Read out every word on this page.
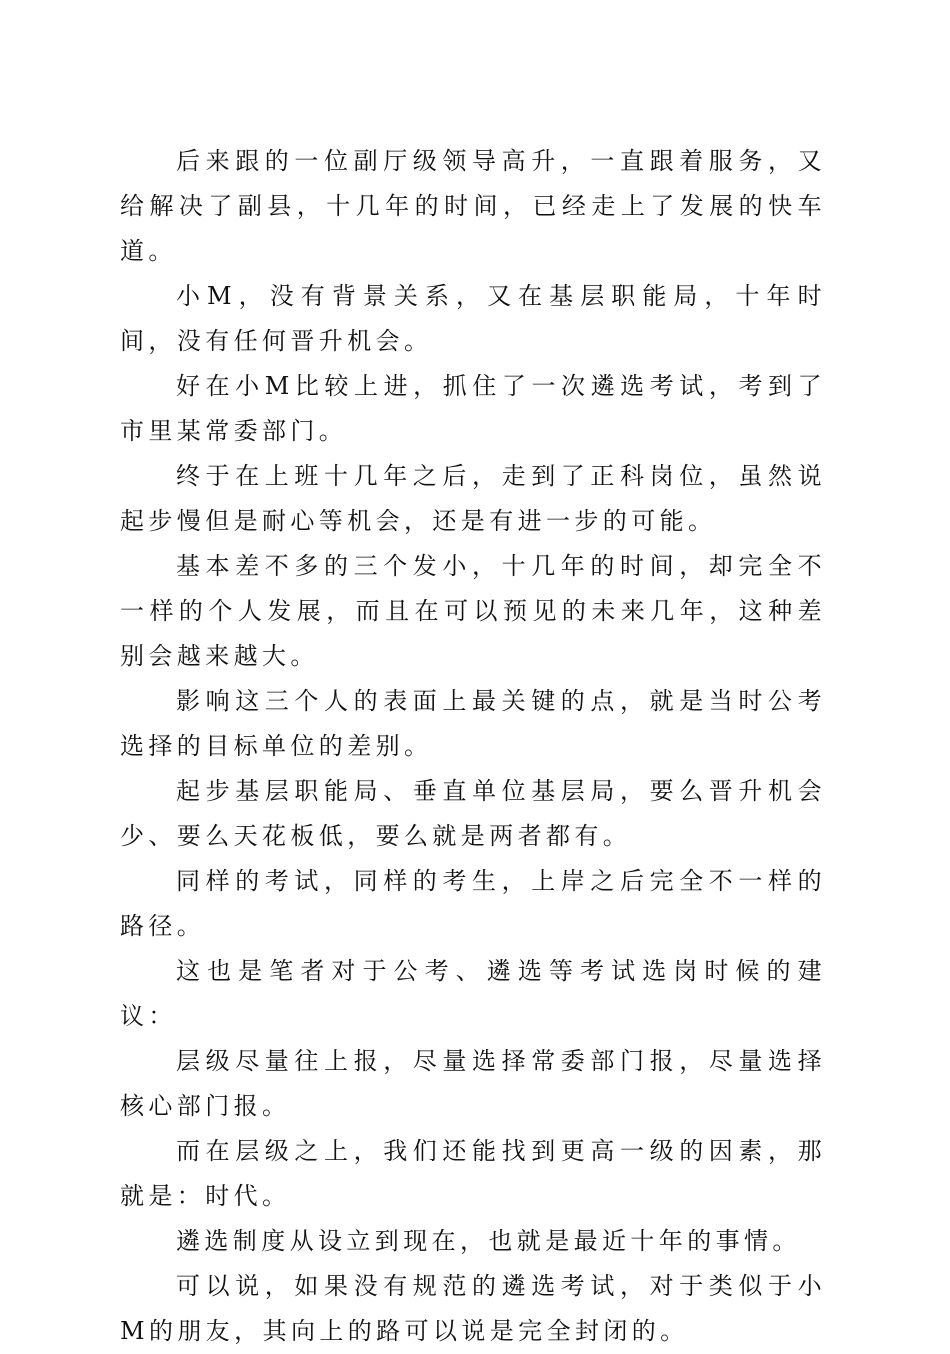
后来跟的一位副厅级领导高升，一直跟着服务，又给解决了副县，十几年的时间，已经走上了发展的快车道。

小M，没有背景关系，又在基层职能局，十年时间，没有任何晋升机会。

好在小M比较上进，抓住了一次遴选考试，考到了市里某常委部门。

终于在上班十几年之后，走到了正科岗位，虽然说起步慢但是耐心等机会，还是有进一步的可能。

基本差不多的三个发小，十几年的时间，却完全不一样的个人发展，而且在可以预见的未来几年，这种差别会越来越大。

影响这三个人的表面上最关键的点，就是当时公考选择的目标单位的差别。

起步基层职能局、垂直单位基层局，要么晋升机会少、要么天花板低，要么就是两者都有。

同样的考试，同样的考生，上岸之后完全不一样的路径。

这也是笔者对于公考、遴选等考试选岗时候的建议：

层级尽量往上报，尽量选择常委部门报，尽量选择核心部门报。

而在层级之上，我们还能找到更高一级的因素，那就是：时代。

遴选制度从设立到现在，也就是最近十年的事情。

可以说，如果没有规范的遴选考试，对于类似于小M的朋友，其向上的路可以说是完全封闭的。
